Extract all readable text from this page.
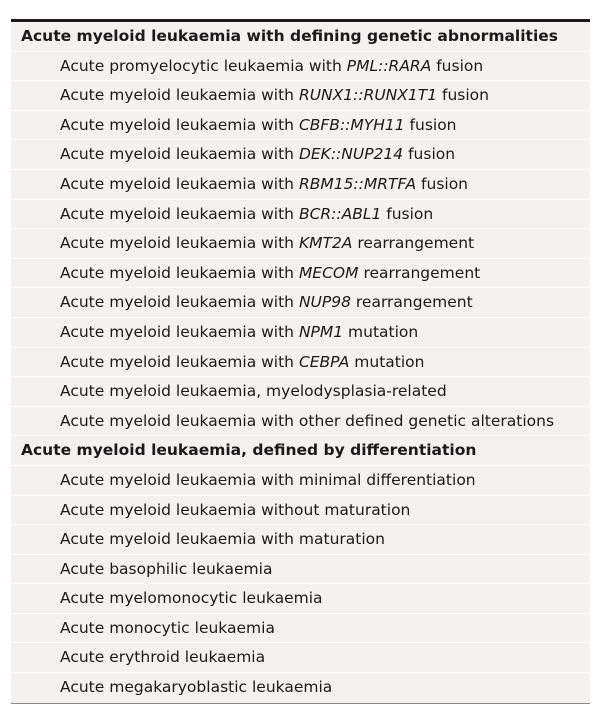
Acute myeloid leukaemia with defining genetic abnormalities
Acute promyelocytic leukaemia with PML::RARA fusion
Acute myeloid leukaemia with RUNX1::RUNX1T1 fusion
Acute myeloid leukaemia with CBFB::MYH11 fusion
Acute myeloid leukaemia with DEK::NUP214 fusion
Acute myeloid leukaemia with RBM15::MRTFA fusion
Acute myeloid leukaemia with BCR::ABL1 fusion
Acute myeloid leukaemia with KMT2A rearrangement
Acute myeloid leukaemia with MECOM rearrangement
Acute myeloid leukaemia with NUP98 rearrangement
Acute myeloid leukaemia with NPM1 mutation
Acute myeloid leukaemia with CEBPA mutation
Acute myeloid leukaemia, myelodysplasia-related
Acute myeloid leukaemia with other defined genetic alterations
Acute myeloid leukaemia, defined by differentiation
Acute myeloid leukaemia with minimal differentiation
Acute myeloid leukaemia without maturation
Acute myeloid leukaemia with maturation
Acute basophilic leukaemia
Acute myelomonocytic leukaemia
Acute monocytic leukaemia
Acute erythroid leukaemia
Acute megakaryoblastic leukaemia
